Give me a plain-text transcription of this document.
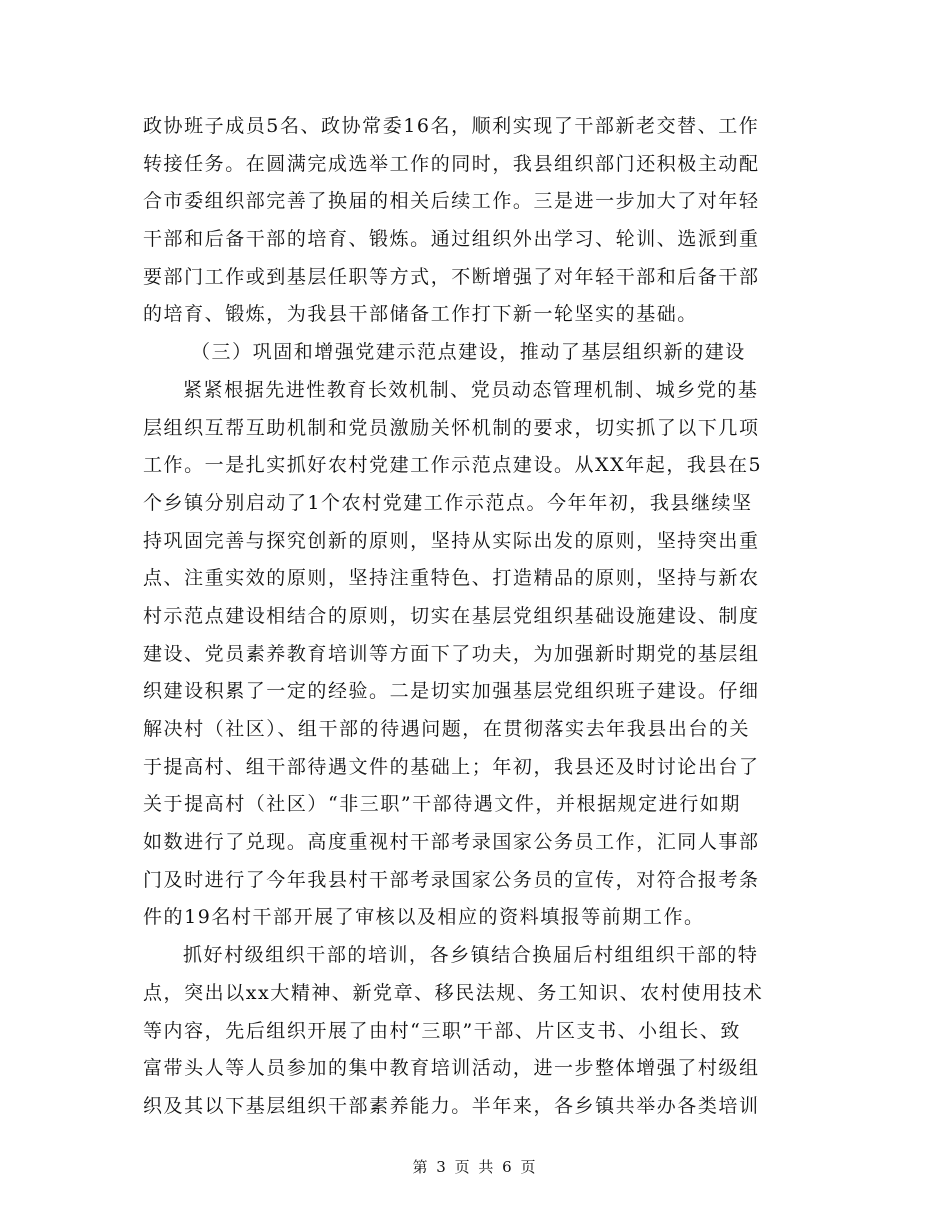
政协班子成员5名、政协常委16名，顺利实现了干部新老交替、工作
转接任务。在圆满完成选举工作的同时，我县组织部门还积极主动配
合市委组织部完善了换届的相关后续工作。三是进一步加大了对年轻
干部和后备干部的培育、锻炼。通过组织外出学习、轮训、选派到重
要部门工作或到基层任职等方式，不断增强了对年轻干部和后备干部
的培育、锻炼，为我县干部储备工作打下新一轮坚实的基础。
（三）巩固和增强党建示范点建设，推动了基层组织新的建设
紧紧根据先进性教育长效机制、党员动态管理机制、城乡党的基
层组织互帮互助机制和党员激励关怀机制的要求，切实抓了以下几项
工作。一是扎实抓好农村党建工作示范点建设。从XX年起，我县在5
个乡镇分别启动了1个农村党建工作示范点。今年年初，我县继续坚
持巩固完善与探究创新的原则，坚持从实际出发的原则，坚持突出重
点、注重实效的原则，坚持注重特色、打造精品的原则，坚持与新农
村示范点建设相结合的原则，切实在基层党组织基础设施建设、制度
建设、党员素养教育培训等方面下了功夫，为加强新时期党的基层组
织建设积累了一定的经验。二是切实加强基层党组织班子建设。仔细
解决村（社区）、组干部的待遇问题，在贯彻落实去年我县出台的关
于提高村、组干部待遇文件的基础上；年初，我县还及时讨论出台了
关于提高村（社区）“非三职”干部待遇文件，并根据规定进行如期
如数进行了兑现。高度重视村干部考录国家公务员工作，汇同人事部
门及时进行了今年我县村干部考录国家公务员的宣传，对符合报考条
件的19名村干部开展了审核以及相应的资料填报等前期工作。
抓好村级组织干部的培训，各乡镇结合换届后村组组织干部的特
点，突出以xx大精神、新党章、移民法规、务工知识、农村使用技术
等内容，先后组织开展了由村“三职”干部、片区支书、小组长、致
富带头人等人员参加的集中教育培训活动，进一步整体增强了村级组
织及其以下基层组织干部素养能力。半年来，各乡镇共举办各类培训
第 3 页 共 6 页
